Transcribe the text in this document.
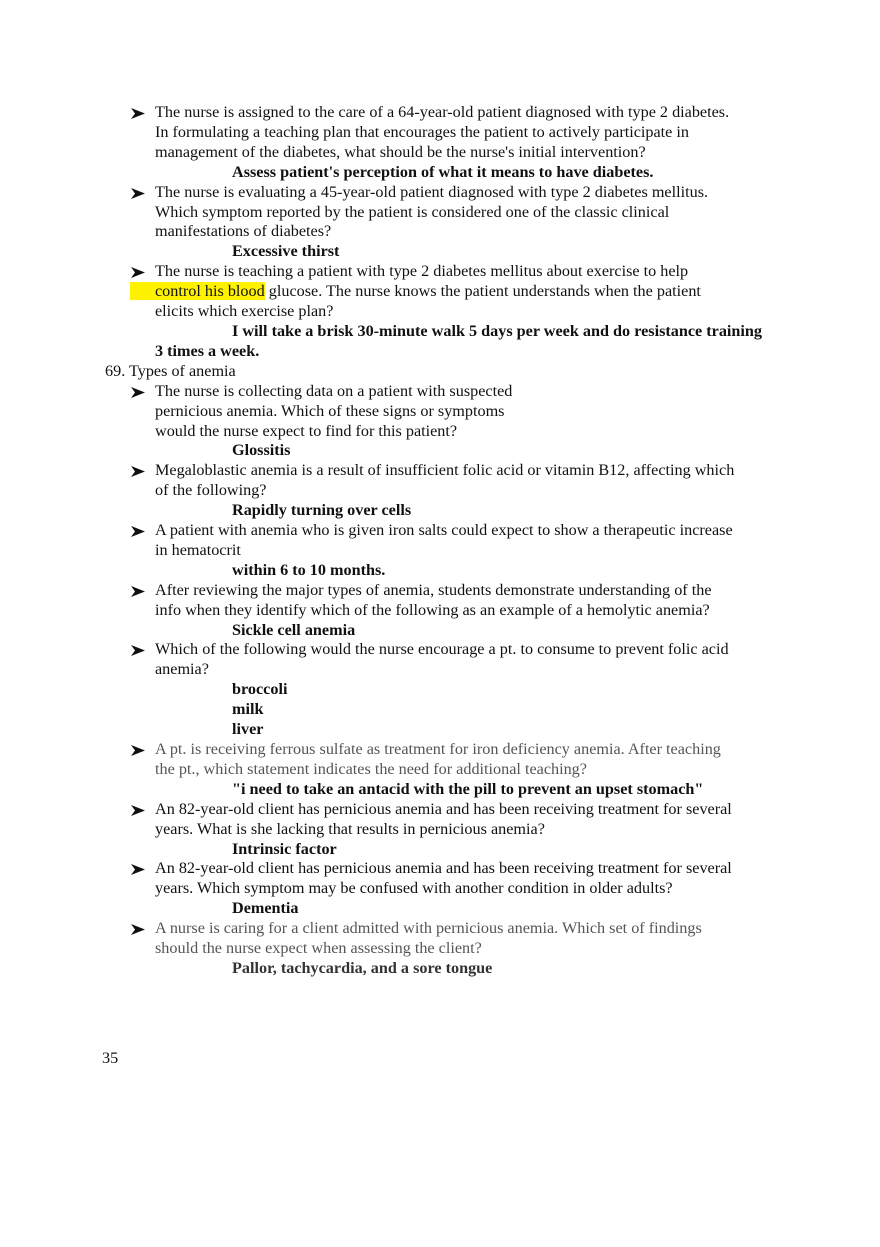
The nurse is assigned to the care of a 64-year-old patient diagnosed with type 2 diabetes.
In formulating a teaching plan that encourages the patient to actively participate in
management of the diabetes, what should be the nurse's initial intervention?
Assess patient's perception of what it means to have diabetes.
The nurse is evaluating a 45-year-old patient diagnosed with type 2 diabetes mellitus.
Which symptom reported by the patient is considered one of the classic clinical
manifestations of diabetes?
Excessive thirst
The nurse is teaching a patient with type 2 diabetes mellitus about exercise to help
control his blood glucose. The nurse knows the patient understands when the patient
elicits which exercise plan?
I will take a brisk 30-minute walk 5 days per week and do resistance training
3 times a week.
69. Types of anemia
The nurse is collecting data on a patient with suspected
pernicious anemia. Which of these signs or symptoms
would the nurse expect to find for this patient?
Glossitis
Megaloblastic anemia is a result of insufficient folic acid or vitamin B12, affecting which
of the following?
Rapidly turning over cells
A patient with anemia who is given iron salts could expect to show a therapeutic increase
in hematocrit
within 6 to 10 months.
After reviewing the major types of anemia, students demonstrate understanding of the
info when they identify which of the following as an example of a hemolytic anemia?
Sickle cell anemia
Which of the following would the nurse encourage a pt. to consume to prevent folic acid
anemia?
broccoli
milk
liver
A pt. is receiving ferrous sulfate as treatment for iron deficiency anemia. After teaching
the pt., which statement indicates the need for additional teaching?
"i need to take an antacid with the pill to prevent an upset stomach"
An 82-year-old client has pernicious anemia and has been receiving treatment for several
years. What is she lacking that results in pernicious anemia?
Intrinsic factor
An 82-year-old client has pernicious anemia and has been receiving treatment for several
years. Which symptom may be confused with another condition in older adults?
Dementia
A nurse is caring for a client admitted with pernicious anemia. Which set of findings
should the nurse expect when assessing the client?
Pallor, tachycardia, and a sore tongue
35
